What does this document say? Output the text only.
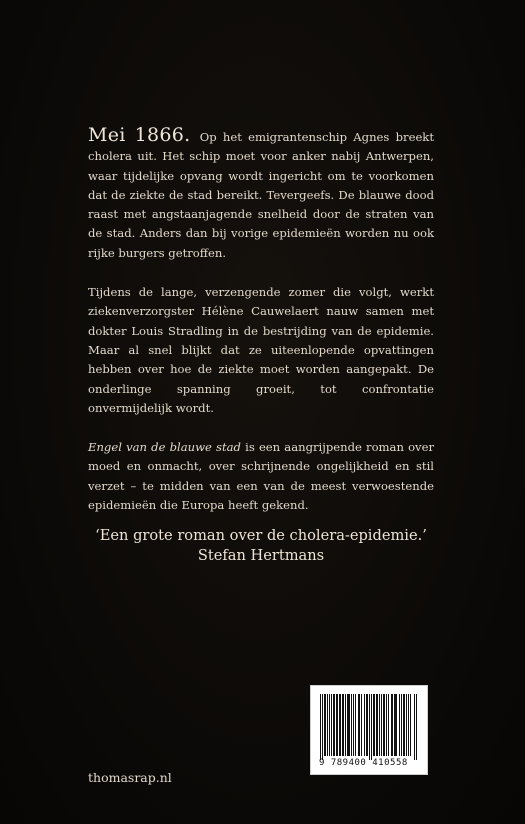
Mei 1866. Op het emigrantenschip Agnes breekt cholera uit. Het schip moet voor anker nabij Antwerpen, waar tijdelijke opvang wordt ingericht om te voorkomen dat de ziekte de stad bereikt. Tevergeefs. De blauwe dood raast met angstaanjagende snelheid door de straten van de stad. Anders dan bij vorige epidemieën worden nu ook rijke burgers getroffen.

Tijdens de lange, verzengende zomer die volgt, werkt ziekenverzorgster Hélène Cauwelaert nauw samen met dokter Louis Stradling in de bestrijding van de epidemie. Maar al snel blijkt dat ze uiteenlopende opvattingen hebben over hoe de ziekte moet worden aangepakt. De onderlinge spanning groeit, tot confrontatie onvermijdelijk wordt.

Engel van de blauwe stad is een aangrijpende roman over moed en onmacht, over schrijnende ongelijkheid en stil verzet – te midden van een van de meest verwoestende epidemieën die Europa heeft gekend.

‘Een grote roman over de cholera-epidemie.’
Stefan Hertmans
9 789400 410558
thomasrap.nl
